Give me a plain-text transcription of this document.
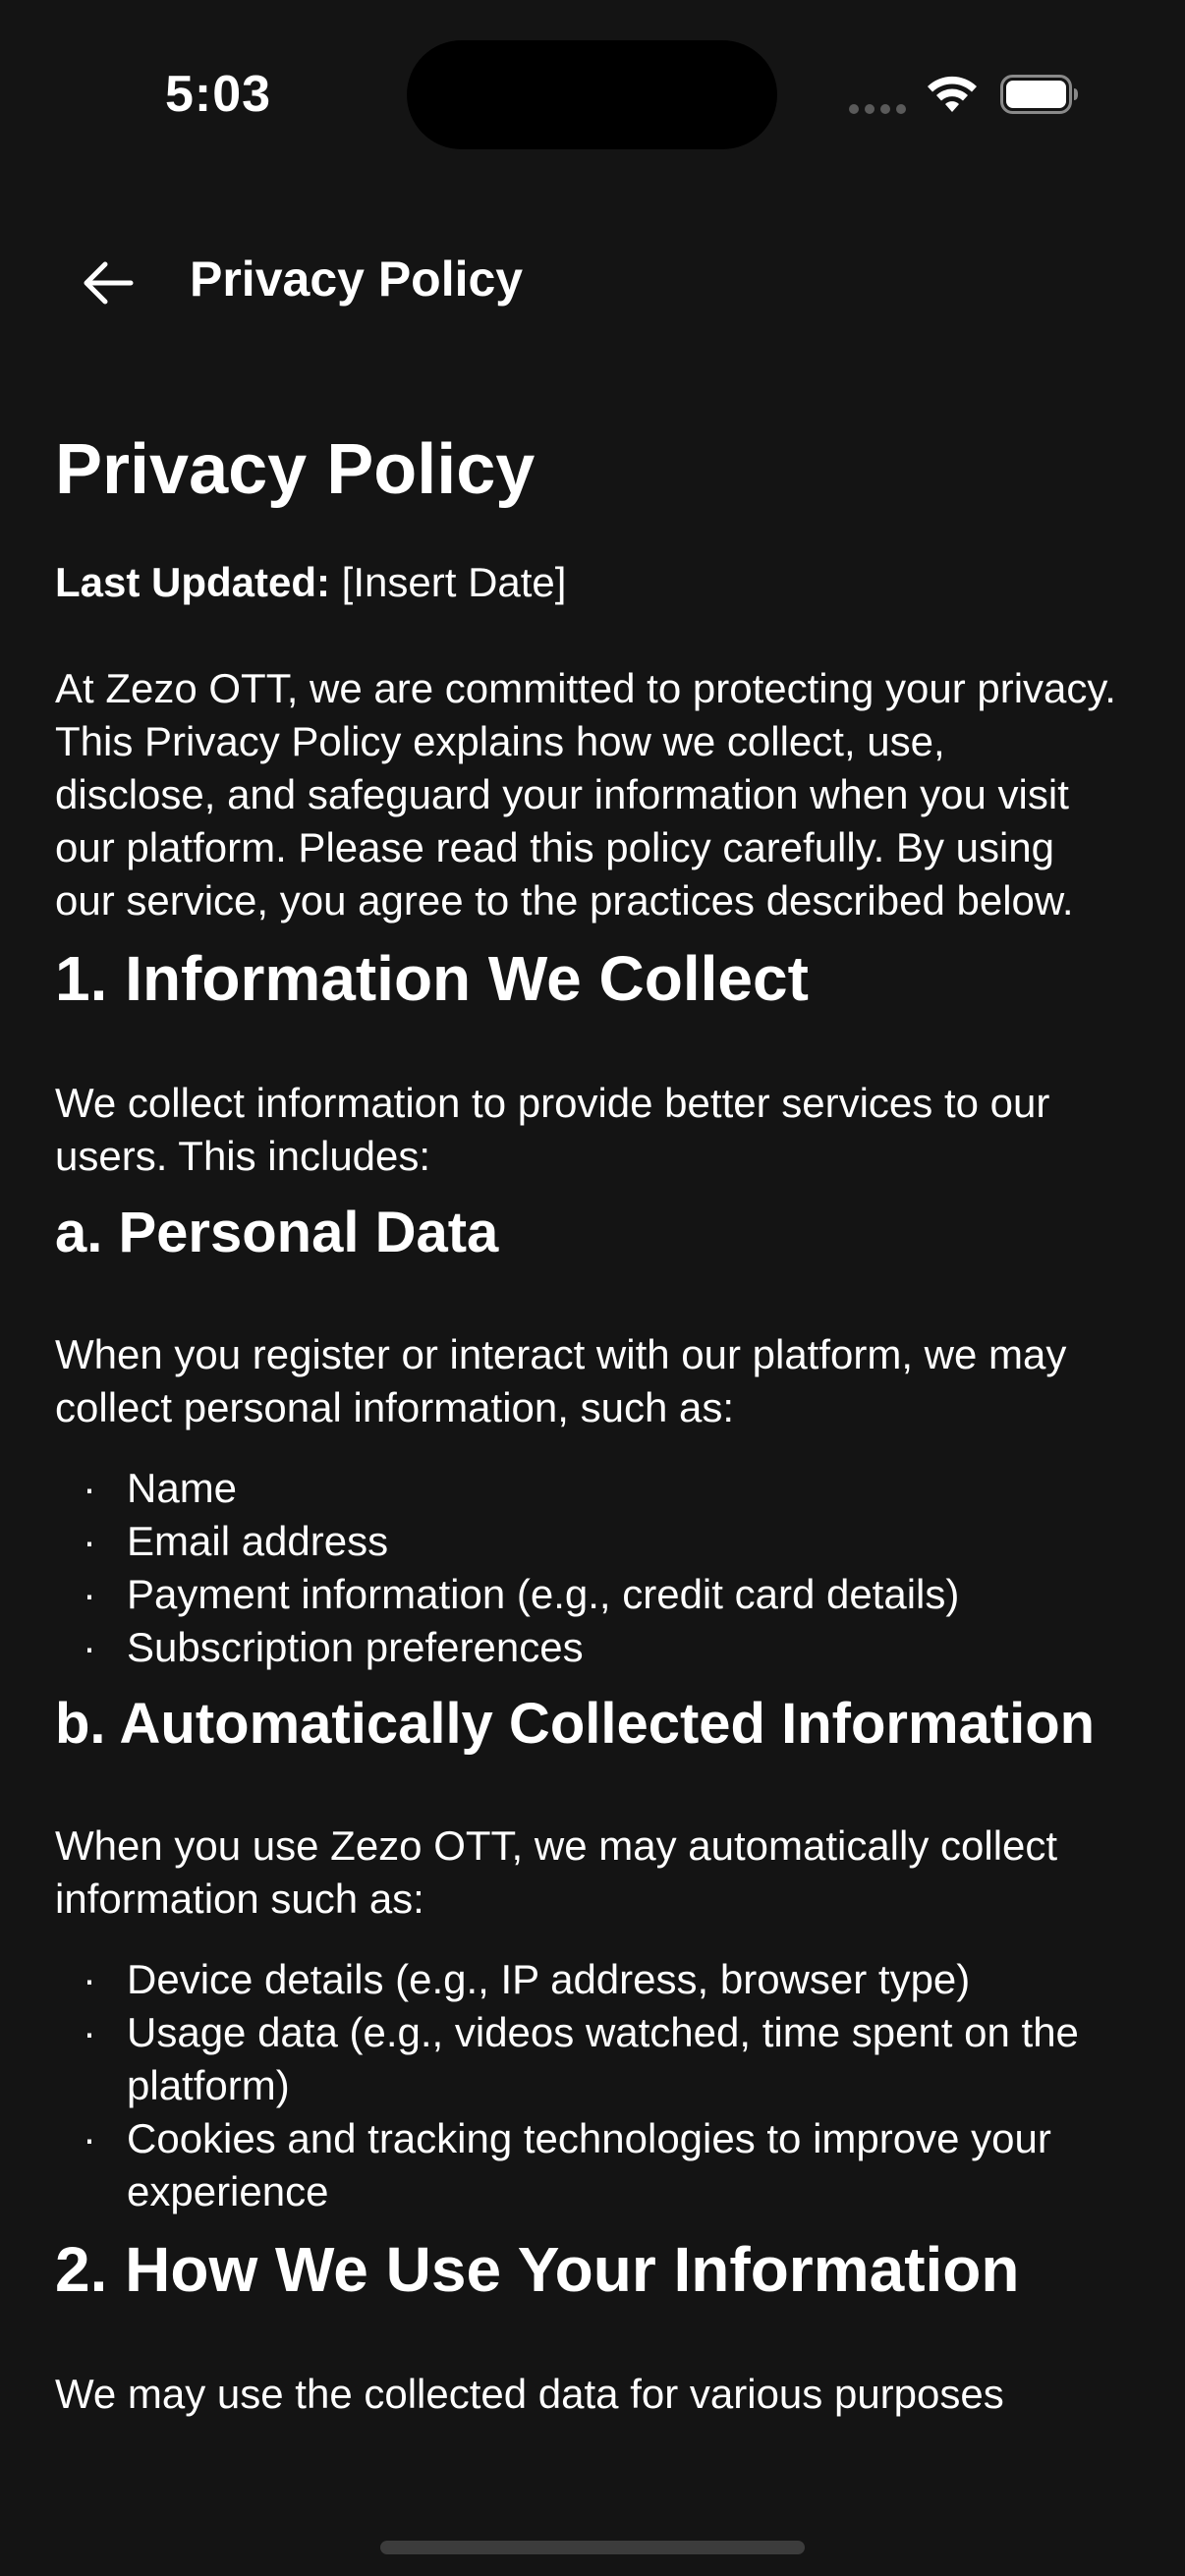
5:03
Privacy Policy
Privacy Policy
Last Updated: [Insert Date]

At Zezo OTT, we are committed to protecting your privacy. This Privacy Policy explains how we collect, use, disclose, and safeguard your information when you visit our platform. Please read this policy carefully. By using our service, you agree to the practices described below.

1. Information We Collect

We collect information to provide better services to our users. This includes:

a. Personal Data

When you register or interact with our platform, we may collect personal information, such as:

· Name
· Email address
· Payment information (e.g., credit card details)
· Subscription preferences
b. Automatically Collected Information

When you use Zezo OTT, we may automatically collect information such as:

· Device details (e.g., IP address, browser type)
· Usage data (e.g., videos watched, time spent on the platform)
· Cookies and tracking technologies to improve your experience
2. How We Use Your Information

We may use the collected data for various purposes
